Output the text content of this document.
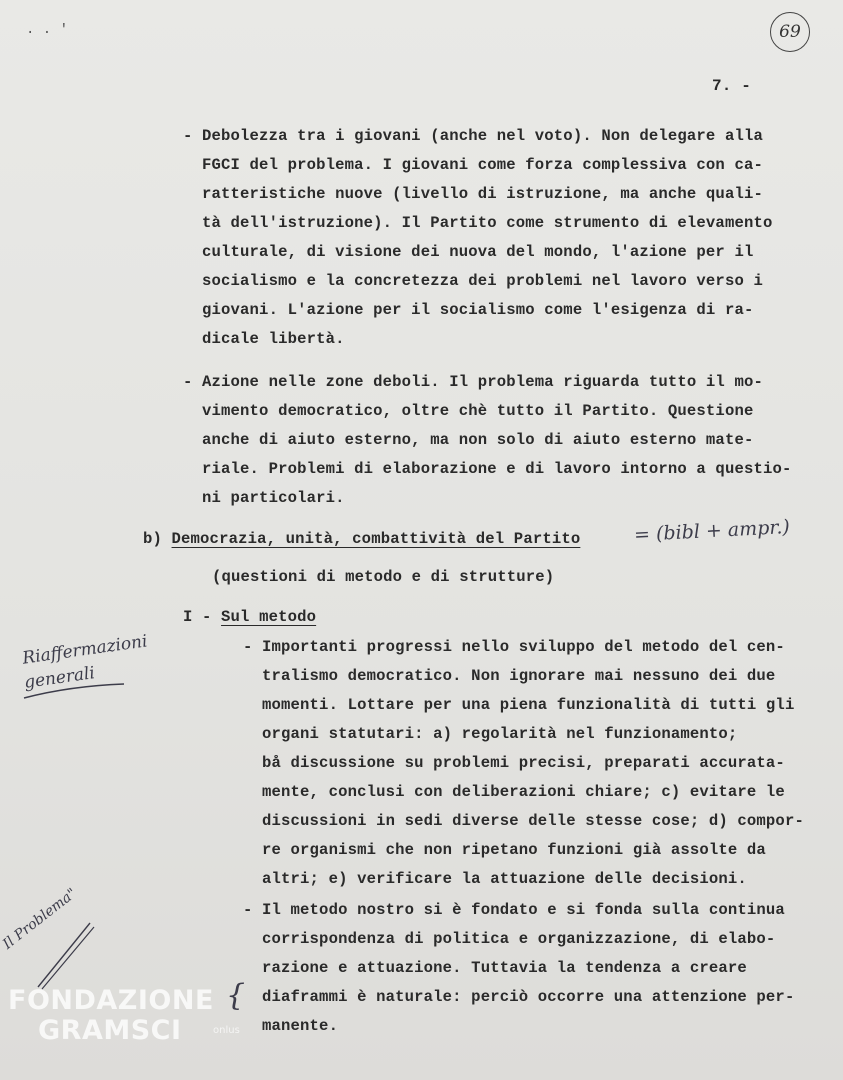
. . '	69
7. -
- Debolezza tra i giovani (anche nel voto). Non delegare alla
FGCI del problema. I giovani come forza complessiva con ca-
ratteristiche nuove (livello di istruzione, ma anche quali-
tà dell'istruzione). Il Partito come strumento di elevamento
culturale, di visione dei nuova del mondo, l'azione per il
socialismo e la concretezza dei problemi nel lavoro verso i
giovani. L'azione per il socialismo come l'esigenza di ra-
dicale libertà.
- Azione nelle zone deboli. Il problema riguarda tutto il mo-
vimento democratico, oltre chè tutto il Partito. Questione
anche di aiuto esterno, ma non solo di aiuto esterno mate-
riale. Problemi di elaborazione e di lavoro intorno a questio-
ni particolari.
b) Democrazia, unità, combattività del Partito	= (bibl + ampr.)
(questioni di metodo e di strutture)
I - Sul metodo
- Importanti progressi nello sviluppo del metodo del cen-
tralismo democratico. Non ignorare mai nessuno dei due
momenti. Lottare per una piena funzionalità di tutti gli
organi statutari: a) regolarità nel funzionamento;
bå discussione su problemi precisi, preparati accurata-
mente, conclusi con deliberazioni chiare; c) evitare le
discussioni in sedi diverse delle stesse cose; d) compor-
re organismi che non ripetano funzioni già assolte da
altri; e) verificare la attuazione delle decisioni.
- Il metodo nostro si è fondato e si fonda sulla continua
corrispondenza di politica e organizzazione, di elabo-
razione e attuazione. Tuttavia la tendenza a creare
diaframmi è naturale: perciò occorre una attenzione per-
manente.
Riaffermazioni
generali
Il Problema"
{
FONDAZIONE
GRAMSCI	onlus
